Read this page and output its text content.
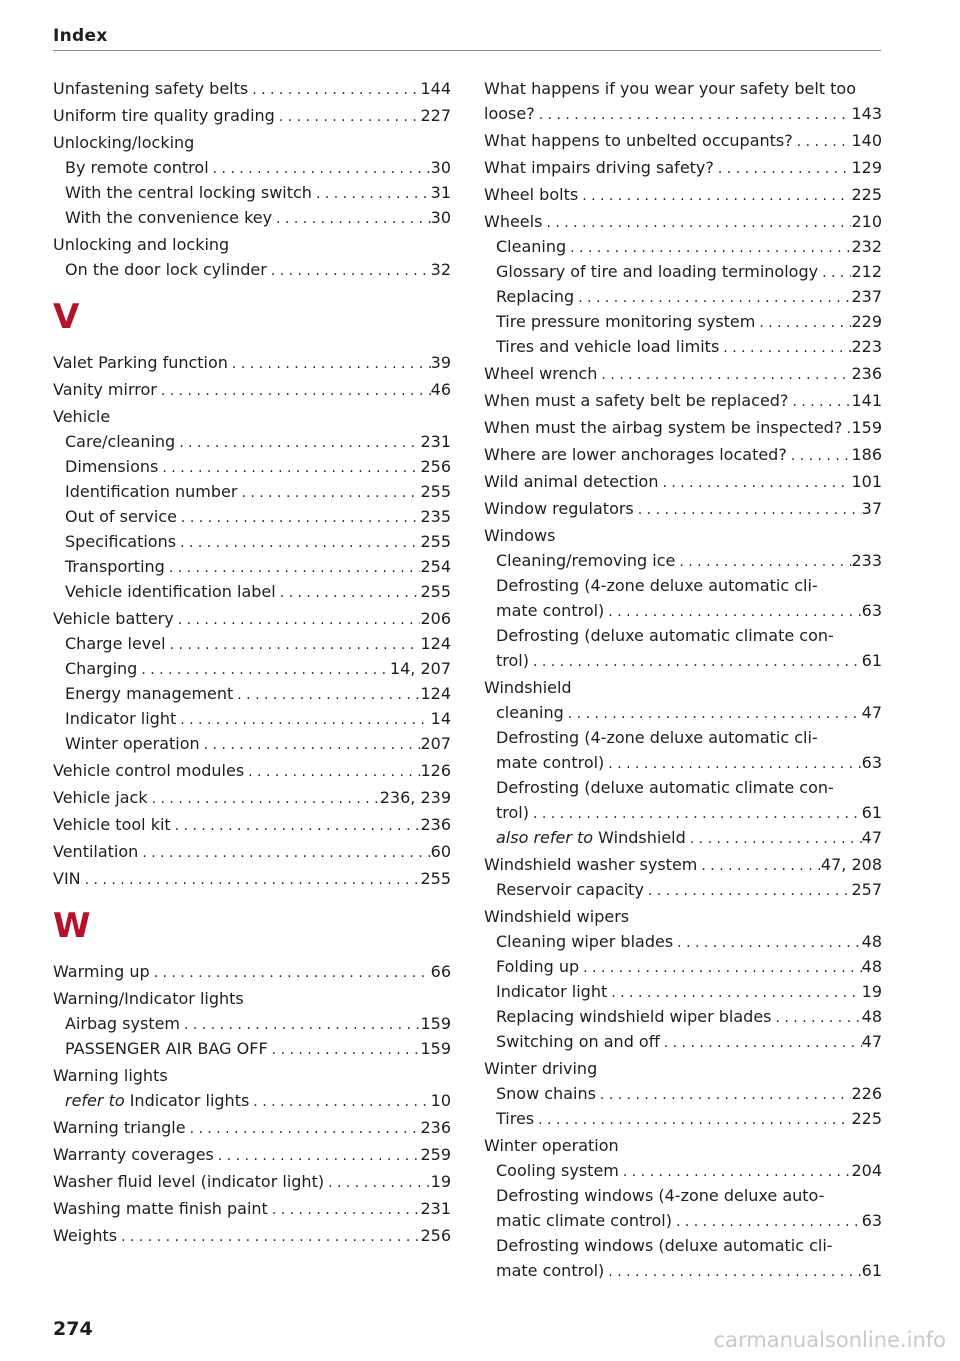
Index
Unfastening safety belts . . .	144
Uniform tire quality grading . . .	227
Unlocking/locking
By remote control . . .	30
With the central locking switch . . .	31
With the convenience key . . .	30
Unlocking and locking
On the door lock cylinder . . .	32
V
Valet Parking function . . .	39
Vanity mirror . . .	46
Vehicle
Care/cleaning . . .	231
Dimensions . . .	256
Identification number . . .	255
Out of service . . .	235
Specifications . . .	255
Transporting . . .	254
Vehicle identification label . . .	255
Vehicle battery . . .	206
Charge level . . .	124
Charging . . .	14, 207
Energy management . . .	124
Indicator light . . .	14
Winter operation . . .	207
Vehicle control modules . . .	126
Vehicle jack . . .	236, 239
Vehicle tool kit . . .	236
Ventilation . . .	60
VIN . . .	255
W
Warming up . . .	66
Warning/Indicator lights
Airbag system . . .	159
PASSENGER AIR BAG OFF . . .	159
Warning lights
refer to Indicator lights . . .	10
Warning triangle . . .	236
Warranty coverages . . .	259
Washer fluid level (indicator light) . . .	19
Washing matte finish paint . . .	231
Weights . . .	256
What happens if you wear your safety belt too
loose? . . .	143
What happens to unbelted occupants? . . .	140
What impairs driving safety? . . .	129
Wheel bolts . . .	225
Wheels . . .	210
Cleaning . . .	232
Glossary of tire and loading terminology . . . 212
Replacing . . .	237
Tire pressure monitoring system . . .	229
Tires and vehicle load limits . . .	223
Wheel wrench . . .	236
When must a safety belt be replaced? . . .	141
When must the airbag system be inspected? . . . 159
Where are lower anchorages located? . . .	186
Wild animal detection . . .	101
Window regulators . . .	37
Windows
Cleaning/removing ice . . .	233
Defrosting (4-zone deluxe automatic cli-
mate control) . . .	63
Defrosting (deluxe automatic climate con-
trol) . . .	61
Windshield
cleaning . . .	47
Defrosting (4-zone deluxe automatic cli-
mate control) . . .	63
Defrosting (deluxe automatic climate con-
trol) . . .	61
also refer to Windshield . . .	47
Windshield washer system . . .	47, 208
Reservoir capacity . . .	257
Windshield wipers
Cleaning wiper blades . . .	48
Folding up . . .	48
Indicator light . . .	19
Replacing windshield wiper blades . . .	48
Switching on and off . . .	47
Winter driving
Snow chains . . .	226
Tires . . .	225
Winter operation
Cooling system . . .	204
Defrosting windows (4-zone deluxe auto-
matic climate control) . . .	63
Defrosting windows (deluxe automatic cli-
mate control) . . .	61
274	carmanualsonline.info
